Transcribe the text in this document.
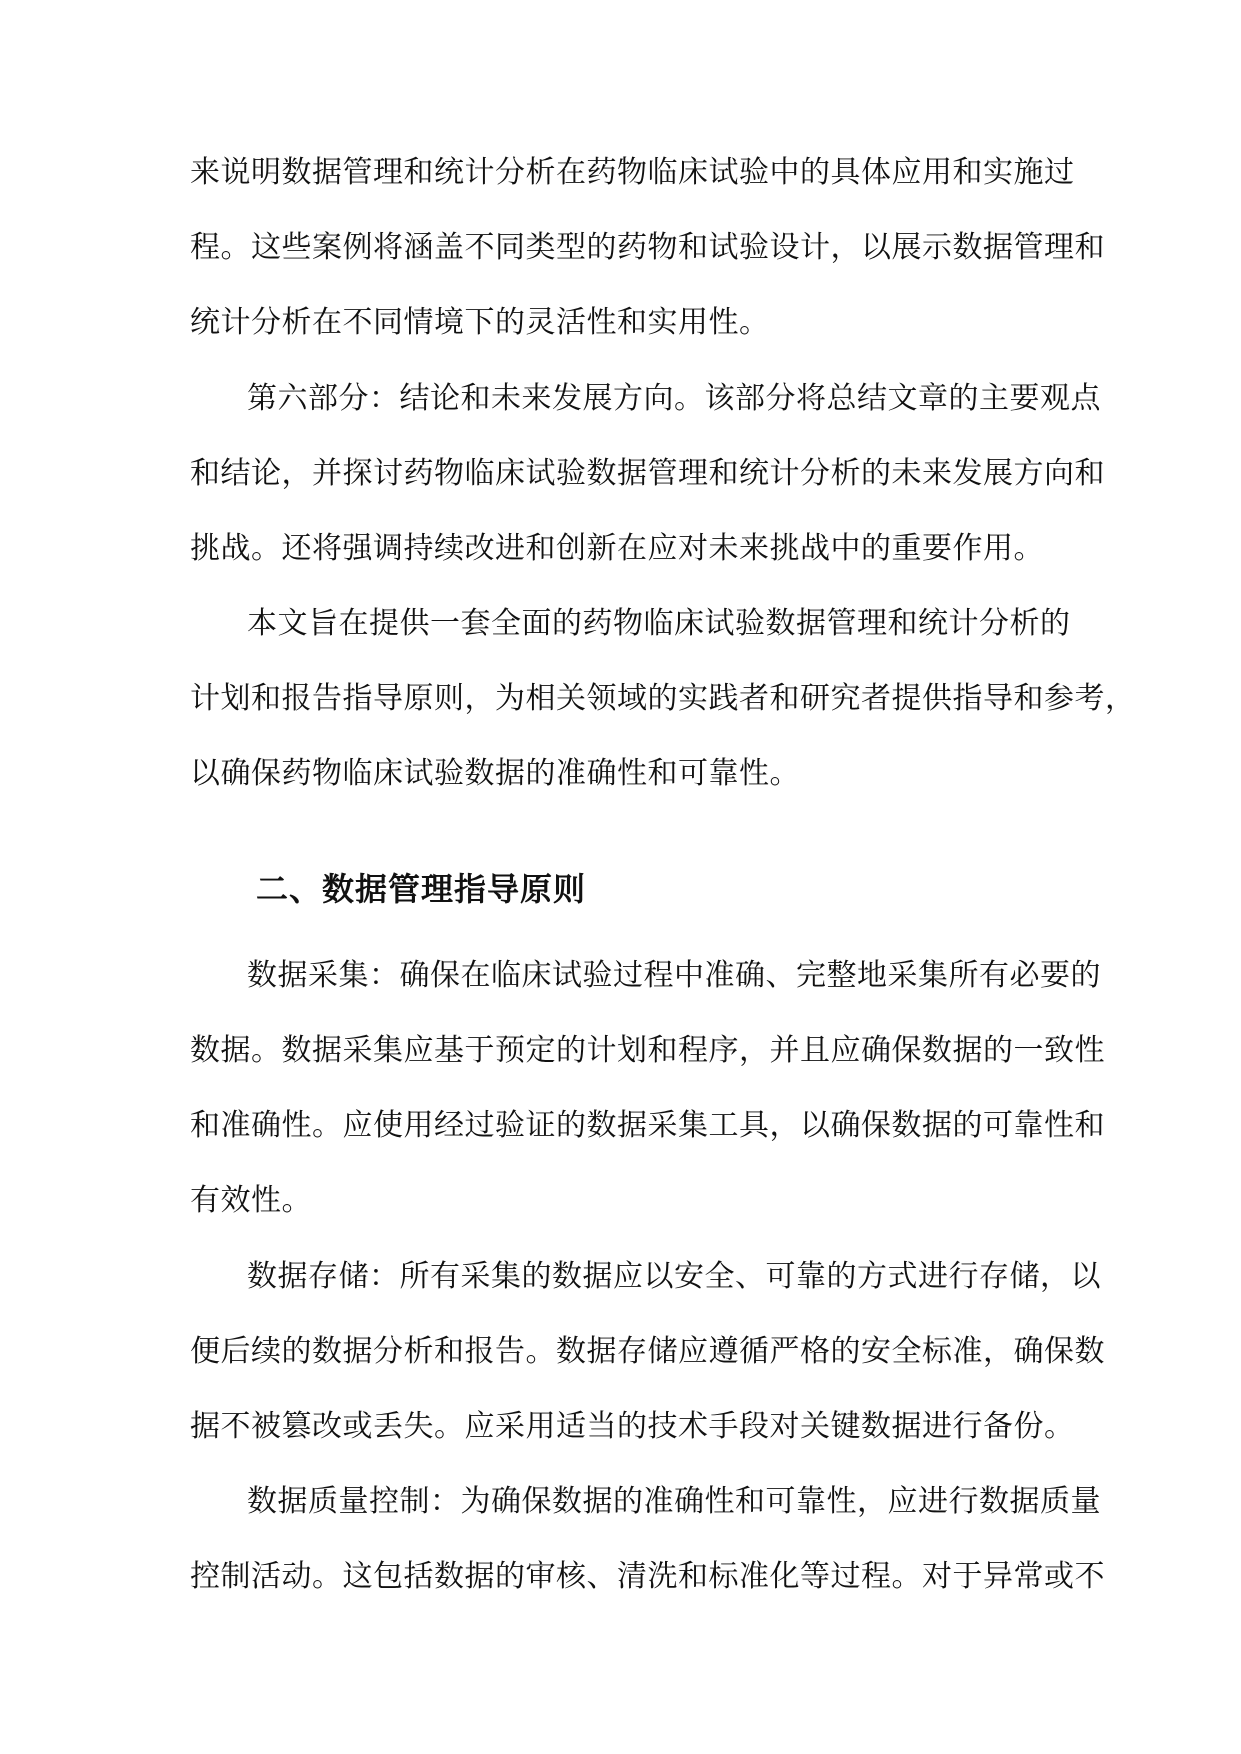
来说明数据管理和统计分析在药物临床试验中的具体应用和实施过
程。这些案例将涵盖不同类型的药物和试验设计，以展示数据管理和
统计分析在不同情境下的灵活性和实用性。
第六部分：结论和未来发展方向。该部分将总结文章的主要观点
和结论，并探讨药物临床试验数据管理和统计分析的未来发展方向和
挑战。还将强调持续改进和创新在应对未来挑战中的重要作用。
本文旨在提供一套全面的药物临床试验数据管理和统计分析的
计划和报告指导原则，为相关领域的实践者和研究者提供指导和参考，
以确保药物临床试验数据的准确性和可靠性。
二、数据管理指导原则
数据采集：确保在临床试验过程中准确、完整地采集所有必要的
数据。数据采集应基于预定的计划和程序，并且应确保数据的一致性
和准确性。应使用经过验证的数据采集工具，以确保数据的可靠性和
有效性。
数据存储：所有采集的数据应以安全、可靠的方式进行存储，以
便后续的数据分析和报告。数据存储应遵循严格的安全标准，确保数
据不被篡改或丢失。应采用适当的技术手段对关键数据进行备份。
数据质量控制：为确保数据的准确性和可靠性，应进行数据质量
控制活动。这包括数据的审核、清洗和标准化等过程。对于异常或不
